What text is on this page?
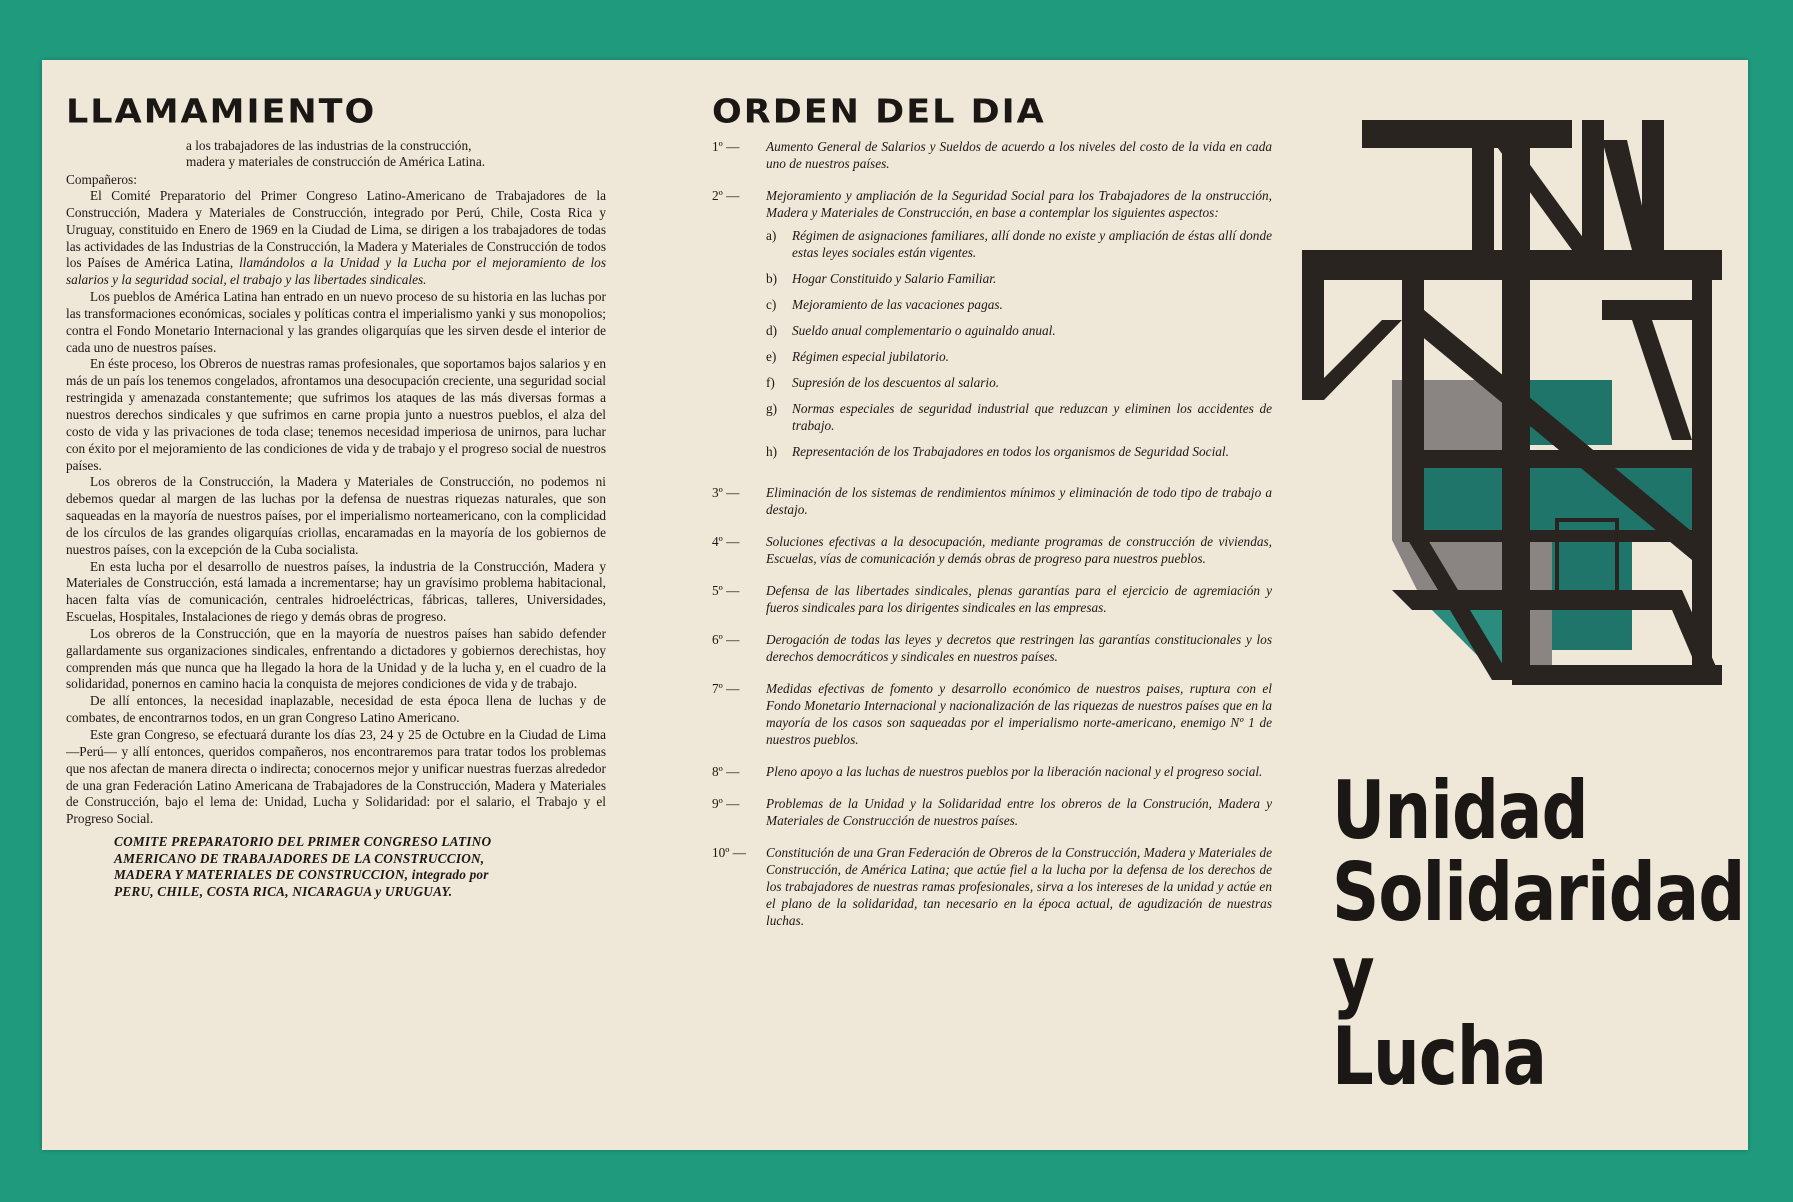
LLAMAMIENTO
a los trabajadores de las industrias de la construcción,
madera y materiales de construcción de América Latina.
Compañeros:

El Comité Preparatorio del Primer Congreso Latino-Americano de Trabajadores de la Construcción, Madera y Materiales de Construcción, integrado por Perú, Chile, Costa Rica y Uruguay, constituido en Enero de 1969 en la Ciudad de Lima, se dirigen a los trabajadores de todas las actividades de las Industrias de la Construcción, la Madera y Materiales de Construcción de todos los Países de América Latina, llamándolos a la Unidad y la Lucha por el mejoramiento de los salarios y la seguridad social, el trabajo y las libertades sindicales.

Los pueblos de América Latina han entrado en un nuevo proceso de su historia en las luchas por las transformaciones económicas, sociales y políticas contra el imperialismo yanki y sus monopolios; contra el Fondo Monetario Internacional y las grandes oligarquías que les sirven desde el interior de cada uno de nuestros países.

En éste proceso, los Obreros de nuestras ramas profesionales, que soportamos bajos salarios y en más de un país los tenemos congelados, afrontamos una desocupación creciente, una seguridad social restringida y amenazada constantemente; que sufrimos los ataques de las más diversas formas a nuestros derechos sindicales y que sufrimos en carne propia junto a nuestros pueblos, el alza del costo de vida y las privaciones de toda clase; tenemos necesidad imperiosa de unirnos, para luchar con éxito por el mejoramiento de las condiciones de vida y de trabajo y el progreso social de nuestros países.

Los obreros de la Construcción, la Madera y Materiales de Construcción, no podemos ni debemos quedar al margen de las luchas por la defensa de nuestras riquezas naturales, que son saqueadas en la mayoría de nuestros países, por el imperialismo norteamericano, con la complicidad de los círculos de las grandes oligarquías criollas, encaramadas en la mayoría de los gobiernos de nuestros países, con la excepción de la Cuba socialista.

En esta lucha por el desarrollo de nuestros países, la industria de la Construcción, Madera y Materiales de Construcción, está lamada a incrementarse; hay un gravísimo problema habitacional, hacen falta vías de comunicación, centrales hidroeléctricas, fábricas, talleres, Universidades, Escuelas, Hospitales, Instalaciones de riego y demás obras de progreso.

Los obreros de la Construcción, que en la mayoría de nuestros países han sabido defender gallardamente sus organizaciones sindicales, enfrentando a dictadores y gobiernos derechistas, hoy comprenden más que nunca que ha llegado la hora de la Unidad y de la lucha y, en el cuadro de la solidaridad, ponernos en camino hacia la conquista de mejores condiciones de vida y de trabajo.

De allí entonces, la necesidad inaplazable, necesidad de esta época llena de luchas y de combates, de encontrarnos todos, en un gran Congreso Latino Americano.

Este gran Congreso, se efectuará durante los días 23, 24 y 25 de Octubre en la Ciudad de Lima —Perú— y allí entonces, queridos compañeros, nos encontraremos para tratar todos los problemas que nos afectan de manera directa o indirecta; conocernos mejor y unificar nuestras fuerzas alrededor de una gran Federación Latino Americana de Trabajadores de la Construcción, Madera y Materiales de Construcción, bajo el lema de: Unidad, Lucha y Solidaridad: por el salario, el Trabajo y el Progreso Social.

COMITE PREPARATORIO DEL PRIMER CONGRESO LATINO
AMERICANO DE TRABAJADORES DE LA CONSTRUCCION,
MADERA Y MATERIALES DE CONSTRUCCION, integrado por
PERU, CHILE, COSTA RICA, NICARAGUA y URUGUAY.
ORDEN DEL DIA
1º —	Aumento General de Salarios y Sueldos de acuerdo a los niveles del costo de la vida en cada uno de nuestros países.
2º —	Mejoramiento y ampliación de la Seguridad Social para los Trabajadores de la onstrucción, Madera y Materiales de Construcción, en base a contemplar los siguientes aspectos:
a)	Régimen de asignaciones familiares, allí donde no existe y ampliación de éstas allí donde estas leyes sociales están vigentes.
b)	Hogar Constituido y Salario Familiar.
c)	Mejoramiento de las vacaciones pagas.
d)	Sueldo anual complementario o aguinaldo anual.
e)	Régimen especial jubilatorio.
f)	Supresión de los descuentos al salario.
g)	Normas especiales de seguridad industrial que reduzcan y eliminen los accidentes de trabajo.
h)	Representación de los Trabajadores en todos los organismos de Seguridad Social.
3º —	Eliminación de los sistemas de rendimientos mínimos y eliminación de todo tipo de trabajo a destajo.
4º —	Soluciones efectivas a la desocupación, mediante programas de construcción de viviendas, Escuelas, vías de comunicación y demás obras de progreso para nuestros pueblos.
5º —	Defensa de las libertades sindicales, plenas garantías para el ejercicio de agremiación y fueros sindicales para los dirigentes sindicales en las empresas.
6º —	Derogación de todas las leyes y decretos que restringen las garantías constitucionales y los derechos democráticos y sindicales en nuestros países.
7º —	Medidas efectivas de fomento y desarrollo económico de nuestros paises, ruptura con el Fondo Monetario Internacional y nacionalización de las riquezas de nuestros países que en la mayoría de los casos son saqueadas por el imperialismo norte-americano, enemigo Nº 1 de nuestros pueblos.
8º —	Pleno apoyo a las luchas de nuestros pueblos por la liberación nacional y el progreso social.
9º —	Problemas de la Unidad y la Solidaridad entre los obreros de la Construción, Madera y Materiales de Construcción de nuestros países.
10º —	Constitución de una Gran Federación de Obreros de la Construcción, Madera y Materiales de Construcción, de América Latina; que actúe fiel a la lucha por la defensa de los derechos de los trabajadores de nuestras ramas profesionales, sirva a los intereses de la unidad y actúe en el plano de la solidaridad, tan necesario en la época actual, de agudización de nuestras luchas.
Unidad
Solidaridad
y
Lucha
